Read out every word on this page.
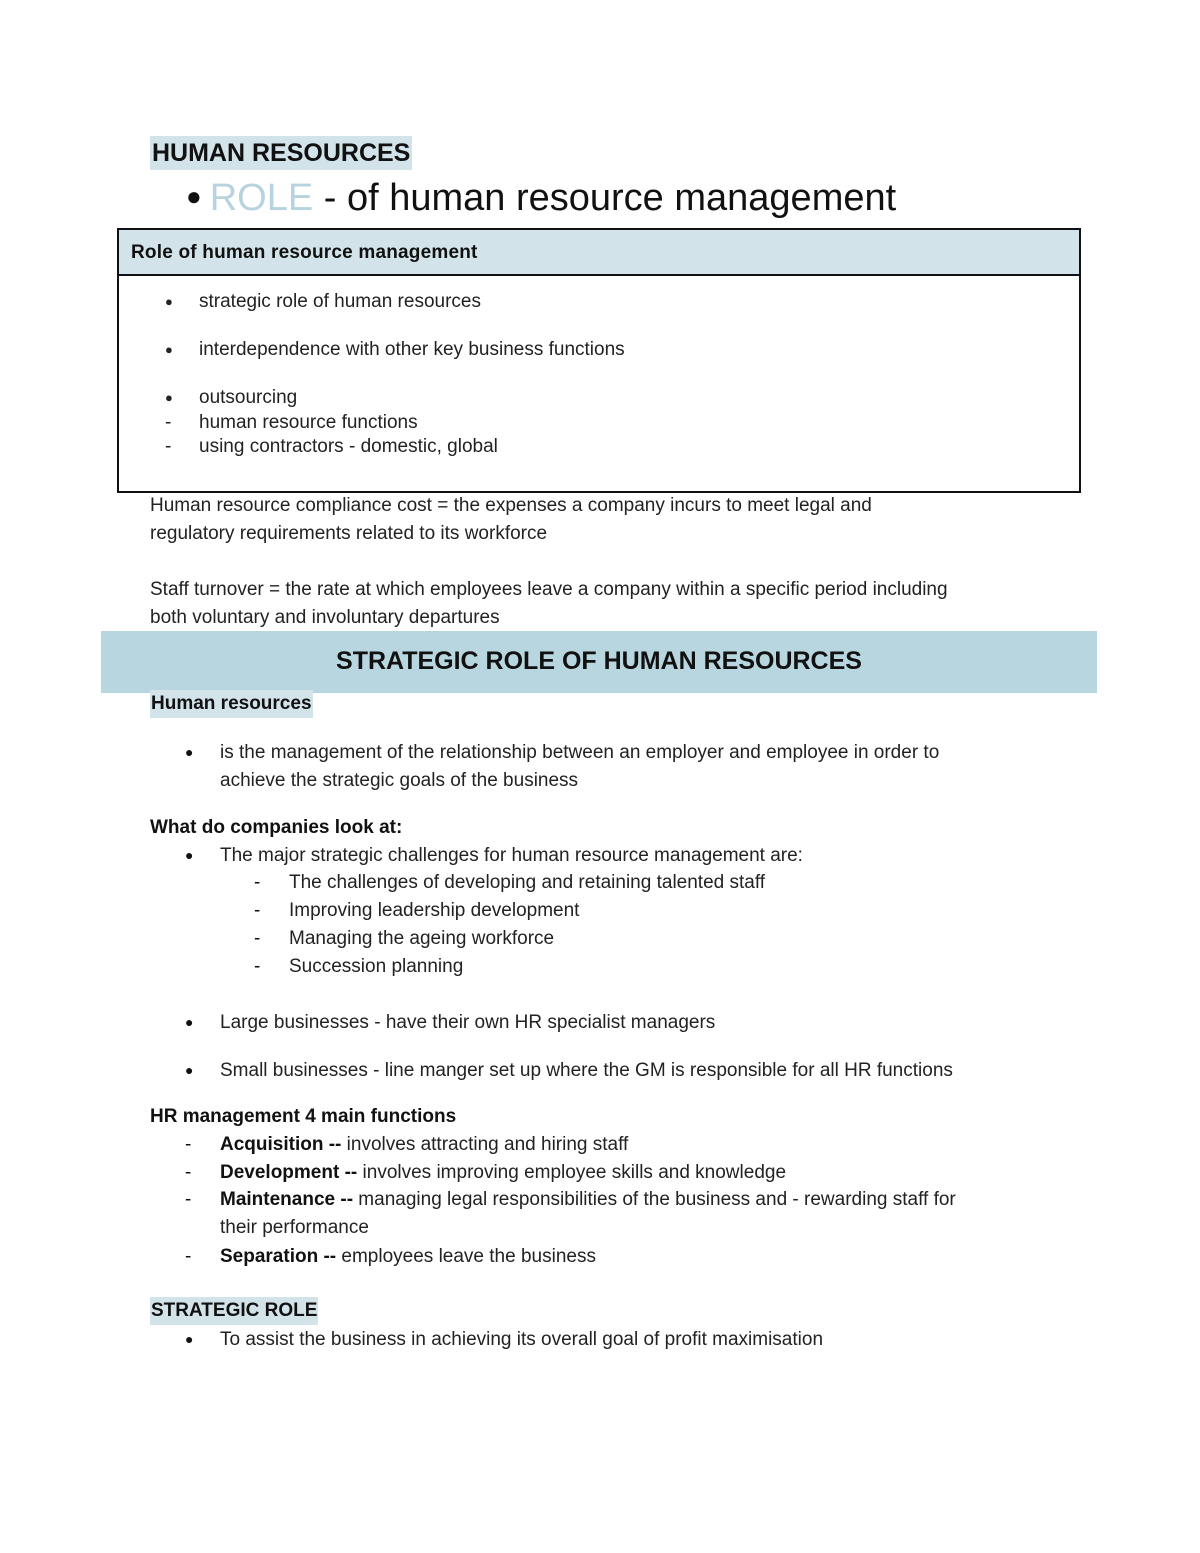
HUMAN RESOURCES
● ROLE - of human resource management
Role of human resource management
●	strategic role of human resources
●	interdependence with other key business functions
●	outsourcing
-	human resource functions
-	using contractors - domestic, global
Human resource compliance cost = the expenses a company incurs to meet legal and
regulatory requirements related to its workforce
Staff turnover = the rate at which employees leave a company within a specific period including
both voluntary and involuntary departures
STRATEGIC ROLE OF HUMAN RESOURCES
Human resources
● is the management of the relationship between an employer and employee in order to
achieve the strategic goals of the business
What do companies look at:
● The major strategic challenges for human resource management are:
- The challenges of developing and retaining talented staff
- Improving leadership development
- Managing the ageing workforce
- Succession planning
● Large businesses - have their own HR specialist managers
● Small businesses - line manger set up where the GM is responsible for all HR functions
HR management 4 main functions
- Acquisition -- involves attracting and hiring staff
- Development -- involves improving employee skills and knowledge
- Maintenance -- managing legal responsibilities of the business and - rewarding staff for
their performance
- Separation -- employees leave the business
STRATEGIC ROLE
● To assist the business in achieving its overall goal of profit maximisation
